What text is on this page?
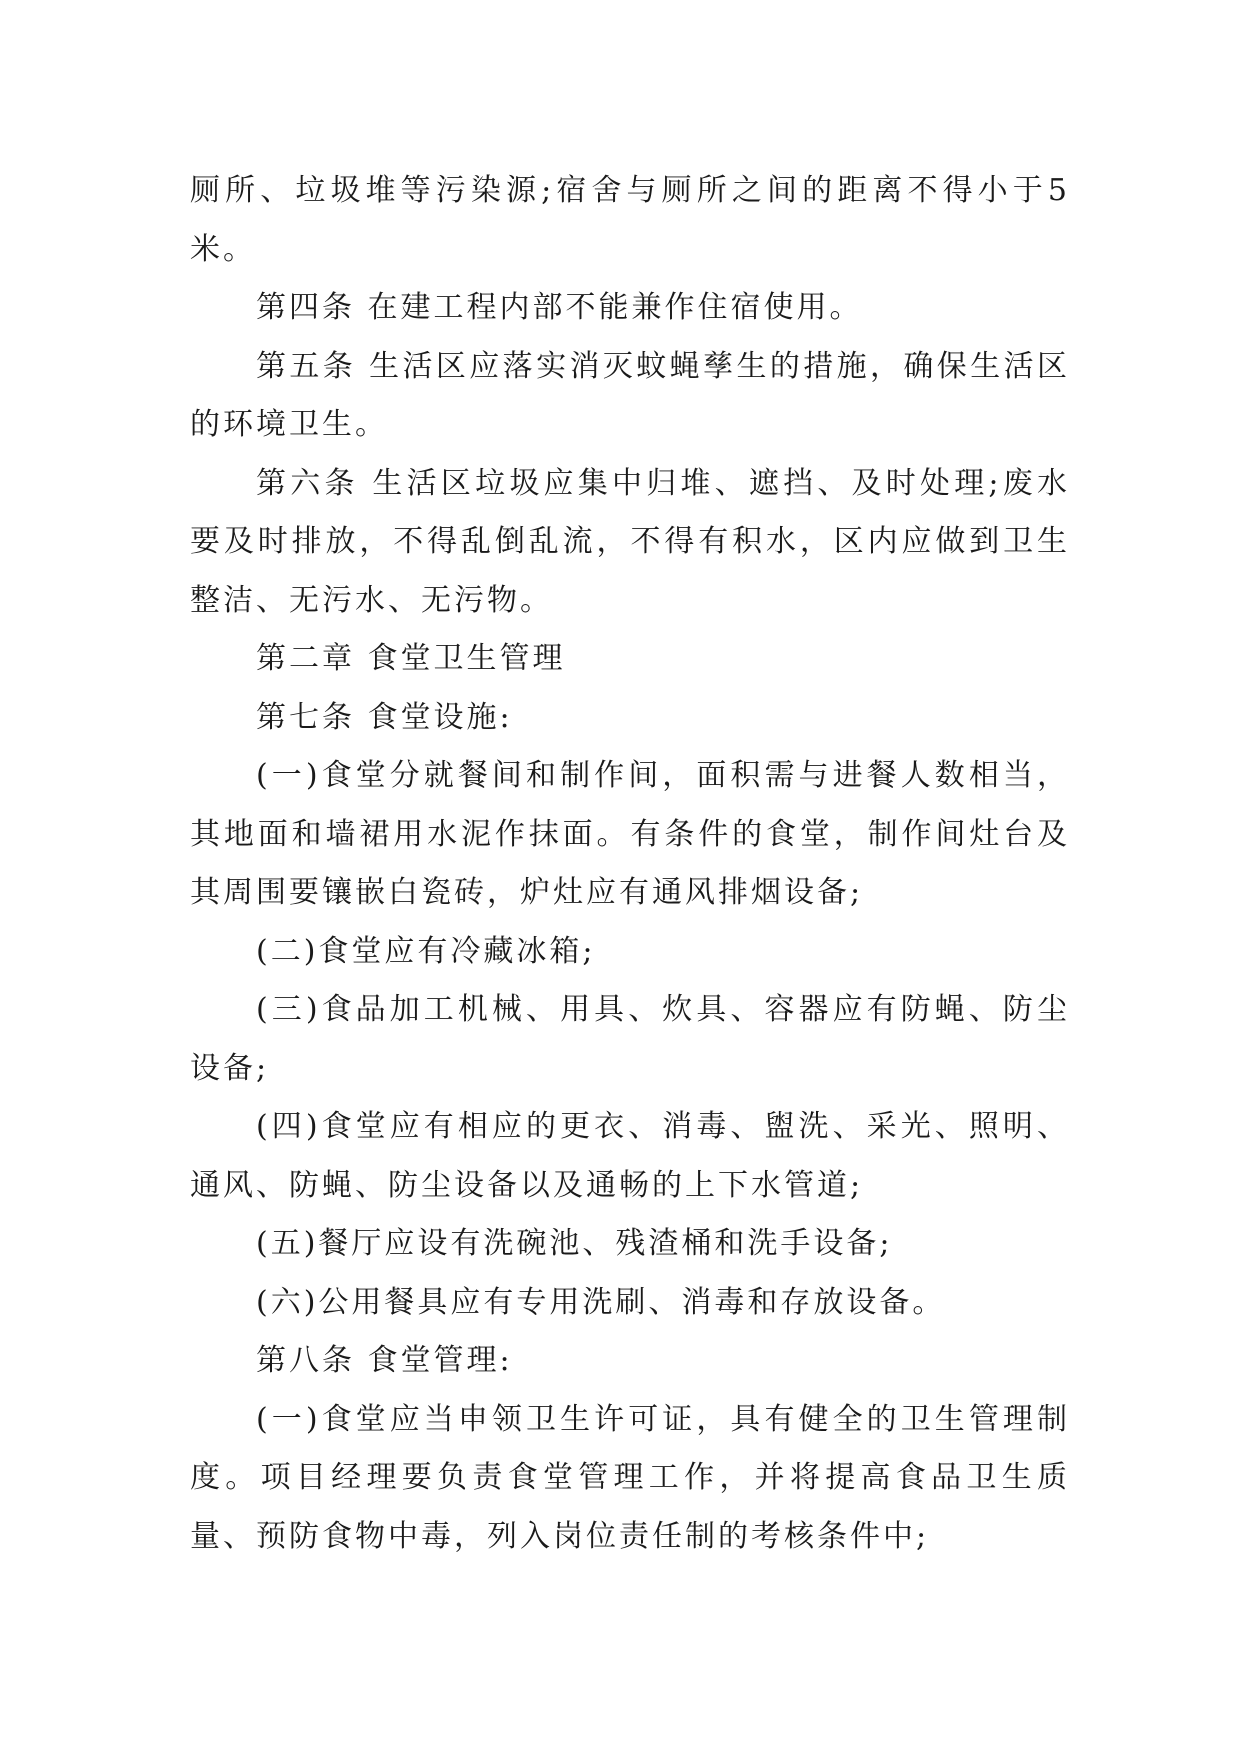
厕所、垃圾堆等污染源;宿舍与厕所之间的距离不得小于5米。

第四条 在建工程内部不能兼作住宿使用。

第五条 生活区应落实消灭蚊蝇孳生的措施，确保生活区的环境卫生。

第六条 生活区垃圾应集中归堆、遮挡、及时处理;废水要及时排放，不得乱倒乱流，不得有积水，区内应做到卫生整洁、无污水、无污物。

第二章 食堂卫生管理

第七条 食堂设施:

(一)食堂分就餐间和制作间，面积需与进餐人数相当，其地面和墙裙用水泥作抹面。有条件的食堂，制作间灶台及其周围要镶嵌白瓷砖，炉灶应有通风排烟设备;

(二)食堂应有冷藏冰箱;

(三)食品加工机械、用具、炊具、容器应有防蝇、防尘设备;

(四)食堂应有相应的更衣、消毒、盥洗、采光、照明、通风、防蝇、防尘设备以及通畅的上下水管道;

(五)餐厅应设有洗碗池、残渣桶和洗手设备;

(六)公用餐具应有专用洗刷、消毒和存放设备。

第八条 食堂管理:

(一)食堂应当申领卫生许可证，具有健全的卫生管理制度。项目经理要负责食堂管理工作，并将提高食品卫生质量、预防食物中毒，列入岗位责任制的考核条件中;
